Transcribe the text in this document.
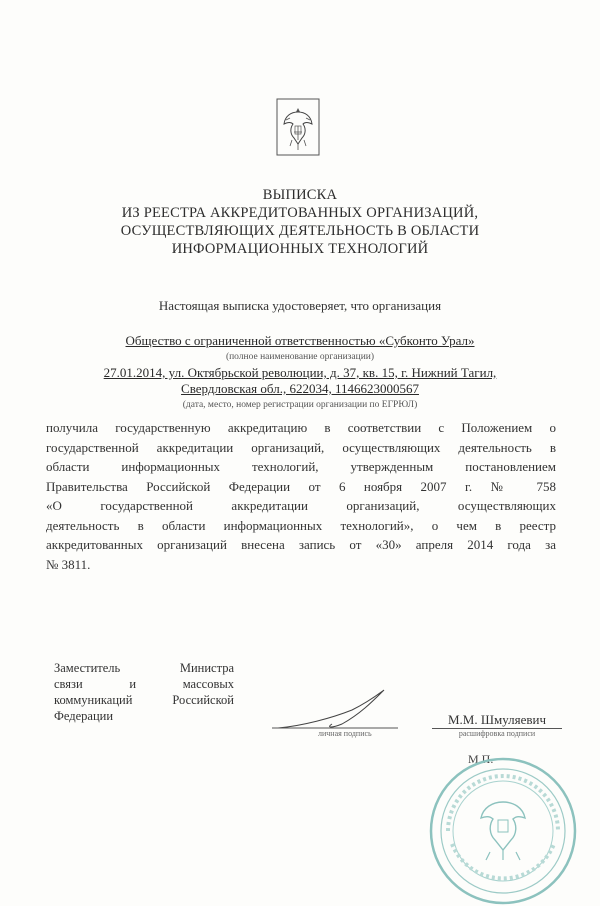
ВЫПИСКА
ИЗ РЕЕСТРА АККРЕДИТОВАННЫХ ОРГАНИЗАЦИЙ,
ОСУЩЕСТВЛЯЮЩИХ ДЕЯТЕЛЬНОСТЬ В ОБЛАСТИ
ИНФОРМАЦИОННЫХ ТЕХНОЛОГИЙ
Настоящая выписка удостоверяет, что организация
Общество с ограниченной ответственностью «Субконто Урал»
(полное наименование организации)
27.01.2014, ул. Октябрьской революции, д. 37, кв. 15, г. Нижний Тагил,
Свердловская обл., 622034, 1146623000567
(дата, место, номер регистрации организации по ЕГРЮЛ)
получила государственную аккредитацию в соответствии с Положением о
государственной аккредитации организаций, осуществляющих деятельность в
области информационных технологий, утвержденным постановлением
Правительства Российской Федерации от 6 ноября 2007 г. № 758
«О государственной аккредитации организаций, осуществляющих
деятельность в области информационных технологий», о чем в реестр
аккредитованных организаций внесена запись от «30» апреля 2014 года за
№ 3811.
Заместитель Министра
связи и массовых
коммуникаций Российской
Федерации
личная подпись
М.М. Шмуляевич
расшифровка подписи
М.П.
